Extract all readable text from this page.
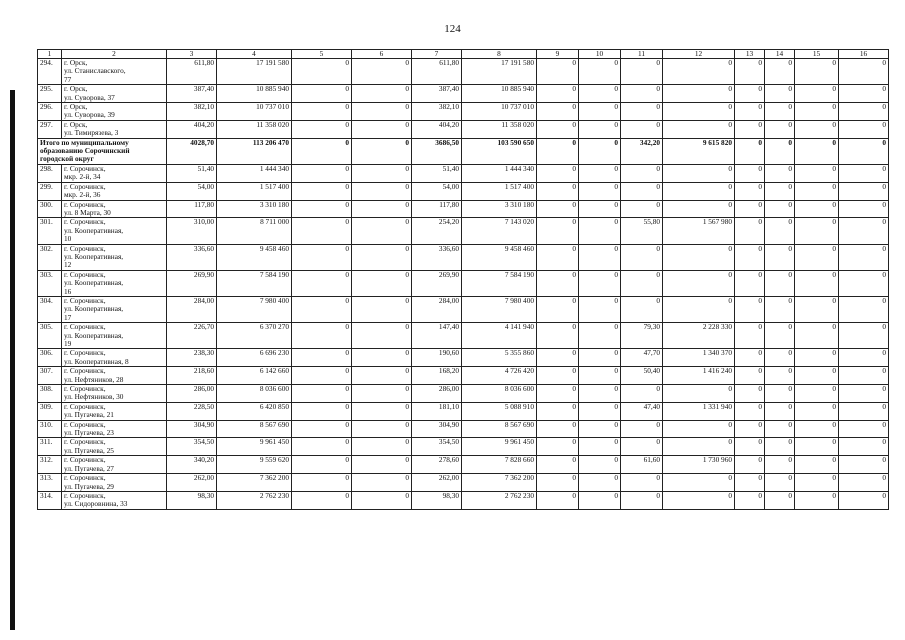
124
1	2	3	4	5	6	7	8	9	10	11	12	13	14	15	16
294.	г. Орск,
ул. Станиславского,
77	611,80	17 191 580	0	0	611,80	17 191 580	0	0	0	0	0	0	0	0
295.	г. Орск,
ул. Суворова, 37	387,40	10 885 940	0	0	387,40	10 885 940	0	0	0	0	0	0	0	0
296.	г. Орск,
ул. Суворова, 39	382,10	10 737 010	0	0	382,10	10 737 010	0	0	0	0	0	0	0	0
297.	г. Орск,
ул. Тимирязева, 3	404,20	11 358 020	0	0	404,20	11 358 020	0	0	0	0	0	0	0	0

Итого по муниципальному
образованию Сорочинский
городской округ		4028,70	113 206 470	0	0	3686,50	103 590 650	0	0	342,20	9 615 820	0	0	0	0
298.	г. Сорочинск,
мкр. 2-й, 34	51,40	1 444 340	0	0	51,40	1 444 340	0	0	0	0	0	0	0	0
299.	г. Сорочинск,
мкр. 2-й, 36	54,00	1 517 400	0	0	54,00	1 517 400	0	0	0	0	0	0	0	0
300.	г. Сорочинск,
ул. 8 Марта, 30	117,80	3 310 180	0	0	117,80	3 310 180	0	0	0	0	0	0	0	0
301.	г. Сорочинск,
ул. Кооперативная,
10	310,00	8 711 000	0	0	254,20	7 143 020	0	0	55,80	1 567 980	0	0	0	0
302.	г. Сорочинск,
ул. Кооперативная,
12	336,60	9 458 460	0	0	336,60	9 458 460	0	0	0	0	0	0	0	0
303.	г. Сорочинск,
ул. Кооперативная,
16	269,90	7 584 190	0	0	269,90	7 584 190	0	0	0	0	0	0	0	0
304.	г. Сорочинск,
ул. Кооперативная,
17	284,00	7 980 400	0	0	284,00	7 980 400	0	0	0	0	0	0	0	0
305.	г. Сорочинск,
ул. Кооперативная,
19	226,70	6 370 270	0	0	147,40	4 141 940	0	0	79,30	2 228 330	0	0	0	0
306.	г. Сорочинск,
ул. Кооперативная, 8	238,30	6 696 230	0	0	190,60	5 355 860	0	0	47,70	1 340 370	0	0	0	0
307.	г. Сорочинск,
ул. Нефтяников, 28	218,60	6 142 660	0	0	168,20	4 726 420	0	0	50,40	1 416 240	0	0	0	0
308.	г. Сорочинск,
ул. Нефтяников, 30	286,00	8 036 600	0	0	286,00	8 036 600	0	0	0	0	0	0	0	0
309.	г. Сорочинск,
ул. Пугачева, 21	228,50	6 420 850	0	0	181,10	5 088 910	0	0	47,40	1 331 940	0	0	0	0
310.	г. Сорочинск,
ул. Пугачева, 23	304,90	8 567 690	0	0	304,90	8 567 690	0	0	0	0	0	0	0	0
311.	г. Сорочинск,
ул. Пугачева, 25	354,50	9 961 450	0	0	354,50	9 961 450	0	0	0	0	0	0	0	0
312.	г. Сорочинск,
ул. Пугачева, 27	340,20	9 559 620	0	0	278,60	7 828 660	0	0	61,60	1 730 960	0	0	0	0
313.	г. Сорочинск,
ул. Пугачева, 29	262,00	7 362 200	0	0	262,00	7 362 200	0	0	0	0	0	0	0	0
314.	г. Сорочинск,
ул. Сидоровнина, 33	98,30	2 762 230	0	0	98,30	2 762 230	0	0	0	0	0	0	0	0
